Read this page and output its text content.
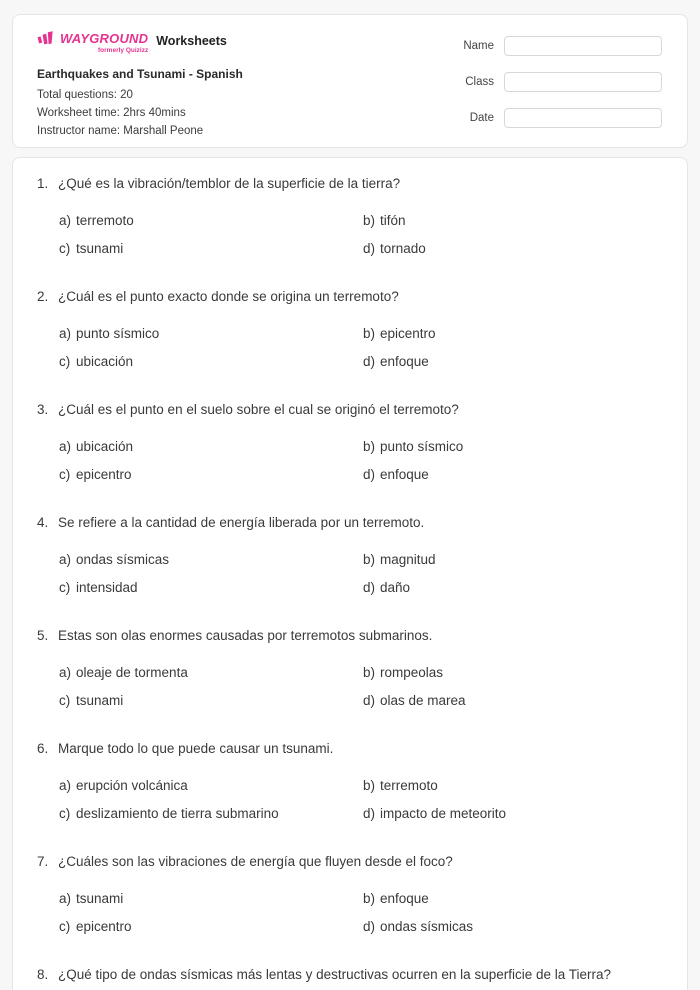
WAYGROUND
formerly Quizizz
Worksheets
Earthquakes and Tsunami - Spanish
Total questions: 20
Worksheet time: 2hrs 40mins
Instructor name: Marshall Peone
Name
Class
Date
1. ¿Qué es la vibración/temblor de la superficie de la tierra?
a) terremoto	b) tifón
c) tsunami	d) tornado
2. ¿Cuál es el punto exacto donde se origina un terremoto?
a) punto sísmico	b) epicentro
c) ubicación	d) enfoque
3. ¿Cuál es el punto en el suelo sobre el cual se originó el terremoto?
a) ubicación	b) punto sísmico
c) epicentro	d) enfoque
4. Se refiere a la cantidad de energía liberada por un terremoto.
a) ondas sísmicas	b) magnitud
c) intensidad	d) daño
5. Estas son olas enormes causadas por terremotos submarinos.
a) oleaje de tormenta	b) rompeolas
c) tsunami	d) olas de marea
6. Marque todo lo que puede causar un tsunami.
a) erupción volcánica	b) terremoto
c) deslizamiento de tierra submarino	d) impacto de meteorito
7. ¿Cuáles son las vibraciones de energía que fluyen desde el foco?
a) tsunami	b) enfoque
c) epicentro	d) ondas sísmicas
8. ¿Qué tipo de ondas sísmicas más lentas y destructivas ocurren en la superficie de la Tierra?
